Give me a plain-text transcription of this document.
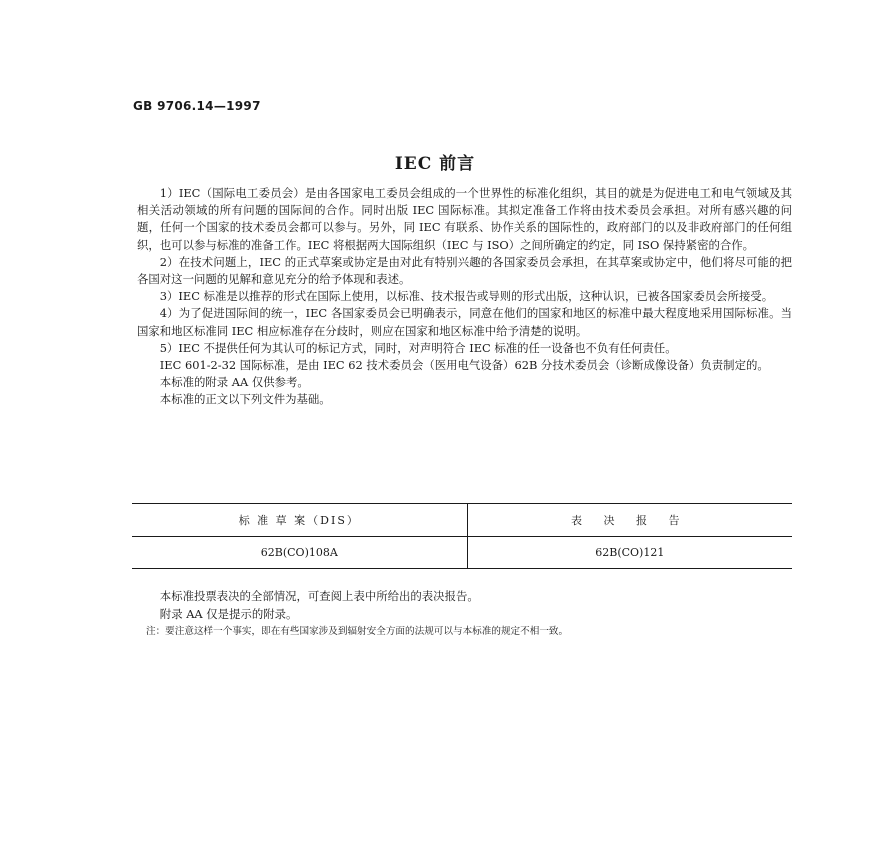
GB 9706.14—1997
IEC 前言

1）IEC（国际电工委员会）是由各国家电工委员会组成的一个世界性的标准化组织，其目的就是为促进电工和电气领域及其相关活动领域的所有问题的国际间的合作。同时出版 IEC 国际标准。其拟定准备工作将由技术委员会承担。对所有感兴趣的问题，任何一个国家的技术委员会都可以参与。另外，同 IEC 有联系、协作关系的国际性的，政府部门的以及非政府部门的任何组织，也可以参与标准的准备工作。IEC 将根据两大国际组织（IEC 与 ISO）之间所确定的约定，同 ISO 保持紧密的合作。

2）在技术问题上，IEC 的正式草案或协定是由对此有特别兴趣的各国家委员会承担，在其草案或协定中，他们将尽可能的把各国对这一问题的见解和意见充分的给予体现和表述。

3）IEC 标准是以推荐的形式在国际上使用，以标准、技术报告或导则的形式出版，这种认识，已被各国家委员会所接受。

4）为了促进国际间的统一，IEC 各国家委员会已明确表示，同意在他们的国家和地区的标准中最大程度地采用国际标准。当国家和地区标准同 IEC 相应标准存在分歧时，则应在国家和地区标准中给予清楚的说明。

5）IEC 不提供任何为其认可的标记方式，同时，对声明符合 IEC 标准的任一设备也不负有任何责任。

IEC 601-2-32 国际标准，是由 IEC 62 技术委员会（医用电气设备）62B 分技术委员会（诊断成像设备）负责制定的。

本标准的附录 AA 仅供参考。

本标准的正文以下列文件为基础。

标 准 草 案（DIS）	表 决 报 告
62B(CO)108A	62B(CO)121

本标准投票表决的全部情况，可查阅上表中所给出的表决报告。

附录 AA 仅是提示的附录。

注：要注意这样一个事实，即在有些国家涉及到辐射安全方面的法规可以与本标准的规定不相一致。
